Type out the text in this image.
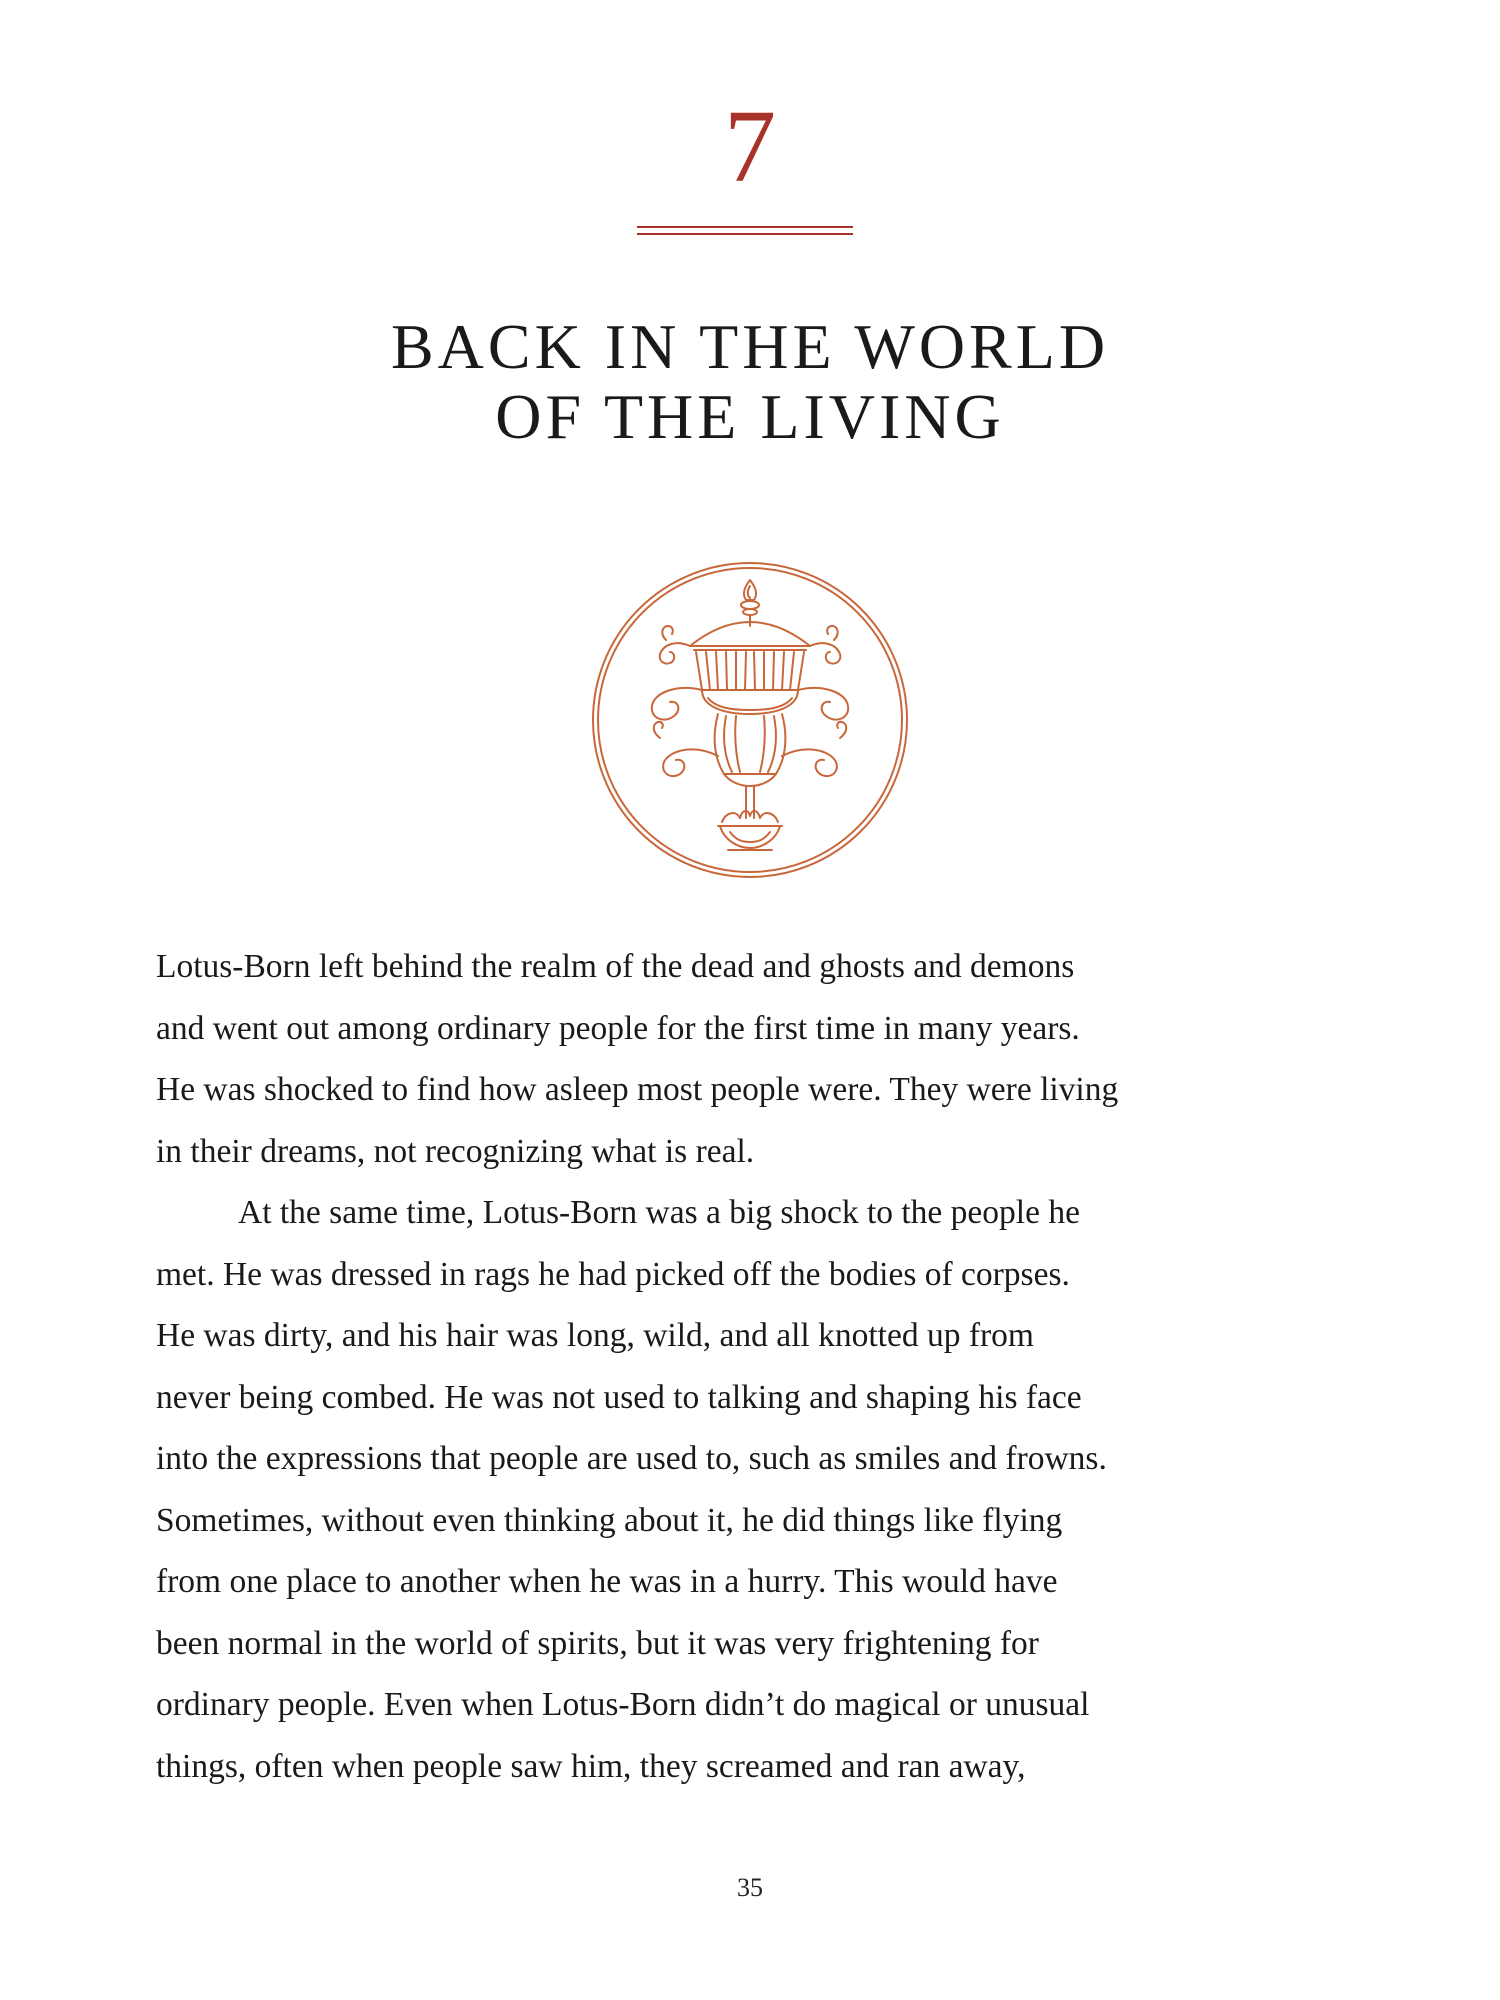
7
BACK IN THE WORLD
OF THE LIVING
Lotus-Born left behind the realm of the dead and ghosts and demons
and went out among ordinary people for the first time in many years.
He was shocked to find how asleep most people were. They were living
in their dreams, not recognizing what is real.
At the same time, Lotus-Born was a big shock to the people he
met. He was dressed in rags he had picked off the bodies of corpses.
He was dirty, and his hair was long, wild, and all knotted up from
never being combed. He was not used to talking and shaping his face
into the expressions that people are used to, such as smiles and frowns.
Sometimes, without even thinking about it, he did things like flying
from one place to another when he was in a hurry. This would have
been normal in the world of spirits, but it was very frightening for
ordinary people. Even when Lotus-Born didn’t do magical or unusual
things, often when people saw him, they screamed and ran away,
35
